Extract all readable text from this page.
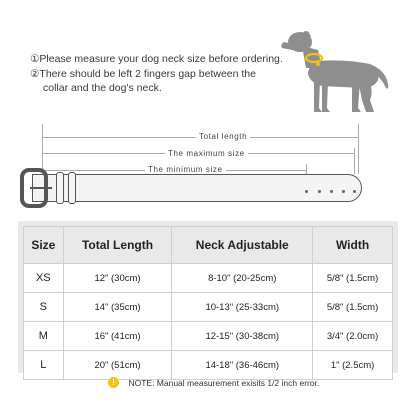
①Please measure your dog neck size before ordering.
②There should be left 2 fingers gap between the
collar and the dog's neck.
Total length
The maximum size
The minimum size
Size	Total Length	Neck Adjustable	Width
XS	12" (30cm)	8-10" (20-25cm)	5/8" (1.5cm)
S	14" (35cm)	10-13" (25-33cm)	5/8" (1.5cm)
M	16" (41cm)	12-15" (30-38cm)	3/4" (2.0cm)
L	20" (51cm)	14-18" (36-46cm)	1" (2.5cm)
! NOTE: Manual measurement exisits 1/2 inch error.
